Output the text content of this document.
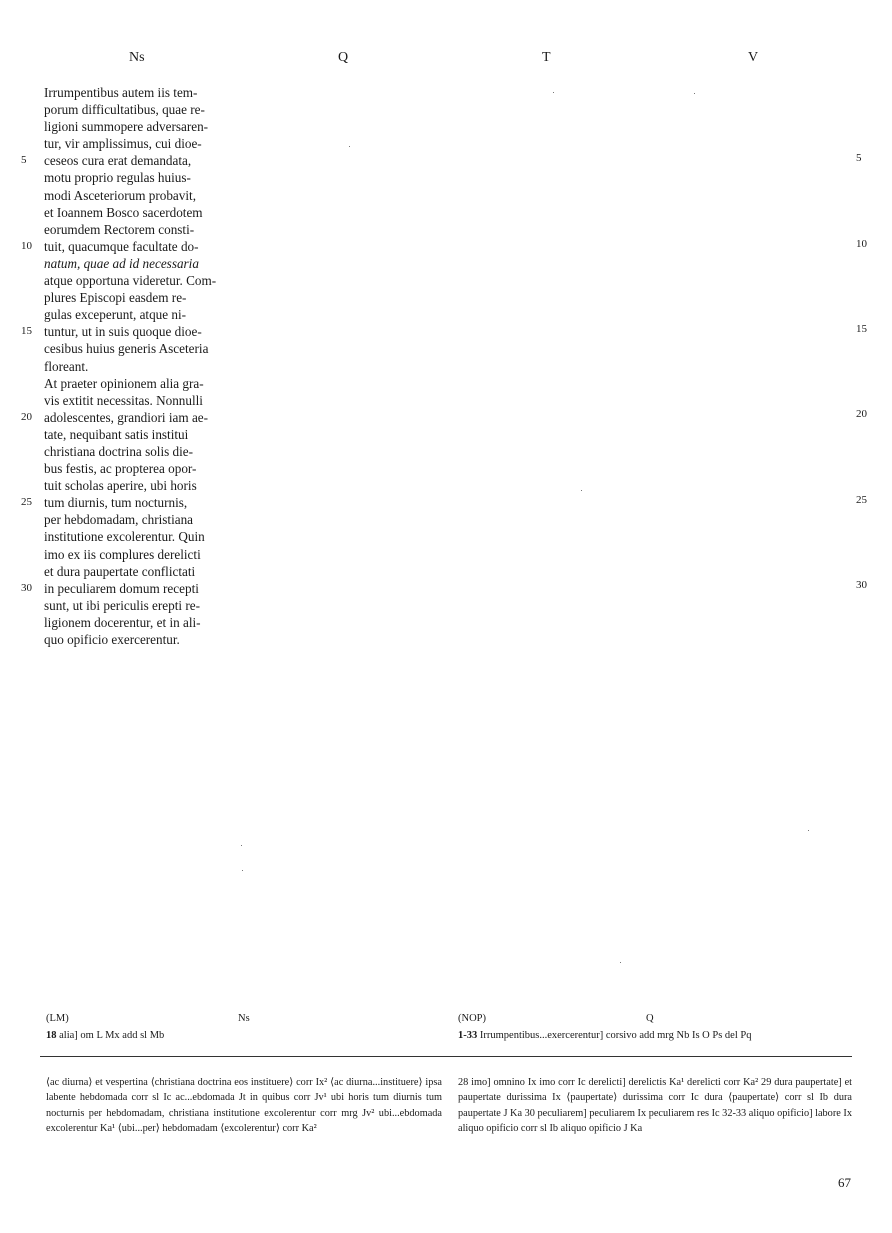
Ns	Q	T	V

Irrumpentibus autem iis tem-

porum difficultatibus, quae re-

ligioni summopere adversaren-

tur, vir amplissimus, cui dioe-

ceseos cura erat demandata,

motu proprio regulas huius-

modi Asceteriorum probavit,

et Ioannem Bosco sacerdotem

eorumdem Rectorem consti-

tuit, quacumque facultate do-

natum, quae ad id necessaria

atque opportuna videretur. Com-

plures Episcopi easdem re-

gulas exceperunt, atque ni-

tuntur, ut in suis quoque dioe-

cesibus huius generis Asceteria

floreant.

At praeter opinionem alia gra-

vis extitit necessitas. Nonnulli

adolescentes, grandiori iam ae-

tate, nequibant satis institui

christiana doctrina solis die-

bus festis, ac propterea opor-

tuit scholas aperire, ubi horis

tum diurnis, tum nocturnis,

per hebdomadam, christiana

institutione excolerentur. Quin

imo ex iis complures derelicti

et dura paupertate conflictati

in peculiarem domum recepti

sunt, ut ibi periculis erepti re-

ligionem docerentur, et in ali-

quo opificio exercerentur.

5
10
15
20
25
30
5
10
15
20
25
30
(LM)	Ns
18 alia] om L Mx add sl Mb
(NOP)	Q
1-33 Irrumpentibus...exercerentur] corsivo add mrg Nb Is O Ps del Pq
⟨ac diurna⟩ et vespertina ⟨christiana doctrina eos instituere⟩ corr Ix² ⟨ac diurna...instituere⟩ ipsa labente hebdomada corr sl Ic ac...ebdomada Jt in quibus corr Jv¹ ubi horis tum diurnis tum nocturnis per hebdomadam, christiana institutione excolerentur corr mrg Jv² ubi...ebdomada excolerentur Ka¹ ⟨ubi...per⟩ hebdomadam ⟨excolerentur⟩ corr Ka²
28 imo] omnino Ix imo corr Ic derelicti] derelictis Ka¹ derelicti corr Ka² 29 dura paupertate] et paupertate durissima Ix ⟨paupertate⟩ durissima corr Ic dura ⟨paupertate⟩ corr sl Ib dura paupertate J Ka 30 peculiarem] peculiarem Ix peculiarem res Ic 32-33 aliquo opificio] labore Ix aliquo opificio corr sl Ib aliquo opificio J Ka
67
